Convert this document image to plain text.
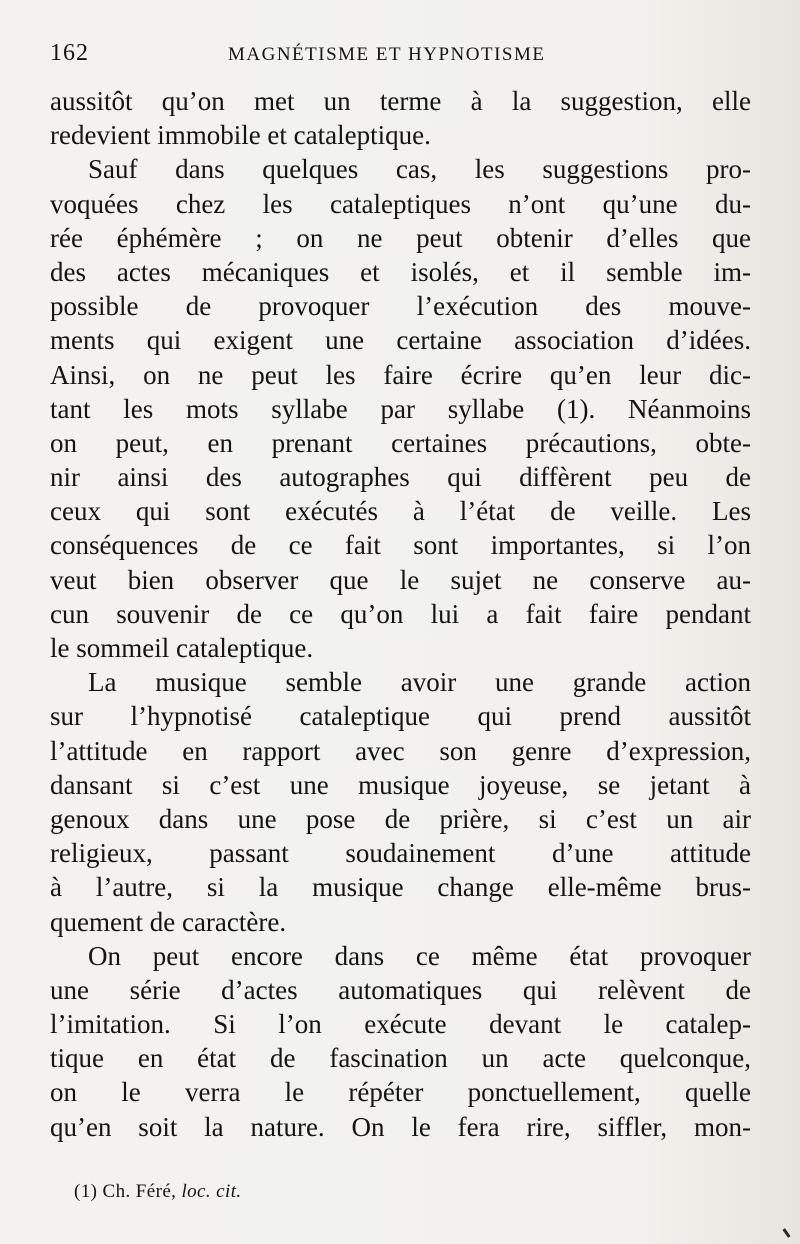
162	MAGNÉTISME ET HYPNOTISME
aussitôt qu’on met un terme à la suggestion, elle
redevient immobile et cataleptique.
Sauf dans quelques cas, les suggestions pro-
voquées chez les cataleptiques n’ont qu’une du-
rée éphémère ; on ne peut obtenir d’elles que
des actes mécaniques et isolés, et il semble im-
possible de provoquer l’exécution des mouve-
ments qui exigent une certaine association d’idées.
Ainsi, on ne peut les faire écrire qu’en leur dic-
tant les mots syllabe par syllabe (1). Néanmoins
on peut, en prenant certaines précautions, obte-
nir ainsi des autographes qui diffèrent peu de
ceux qui sont exécutés à l’état de veille. Les
conséquences de ce fait sont importantes, si l’on
veut bien observer que le sujet ne conserve au-
cun souvenir de ce qu’on lui a fait faire pendant
le sommeil cataleptique.
La musique semble avoir une grande action
sur l’hypnotisé cataleptique qui prend aussitôt
l’attitude en rapport avec son genre d’expression,
dansant si c’est une musique joyeuse, se jetant à
genoux dans une pose de prière, si c’est un air
religieux, passant soudainement d’une attitude
à l’autre, si la musique change elle-même brus-
quement de caractère.
On peut encore dans ce même état provoquer
une série d’actes automatiques qui relèvent de
l’imitation. Si l’on exécute devant le catalep-
tique en état de fascination un acte quelconque,
on le verra le répéter ponctuellement, quelle
qu’en soit la nature. On le fera rire, siffler, mon-
(1) Ch. Féré, loc. cit.
